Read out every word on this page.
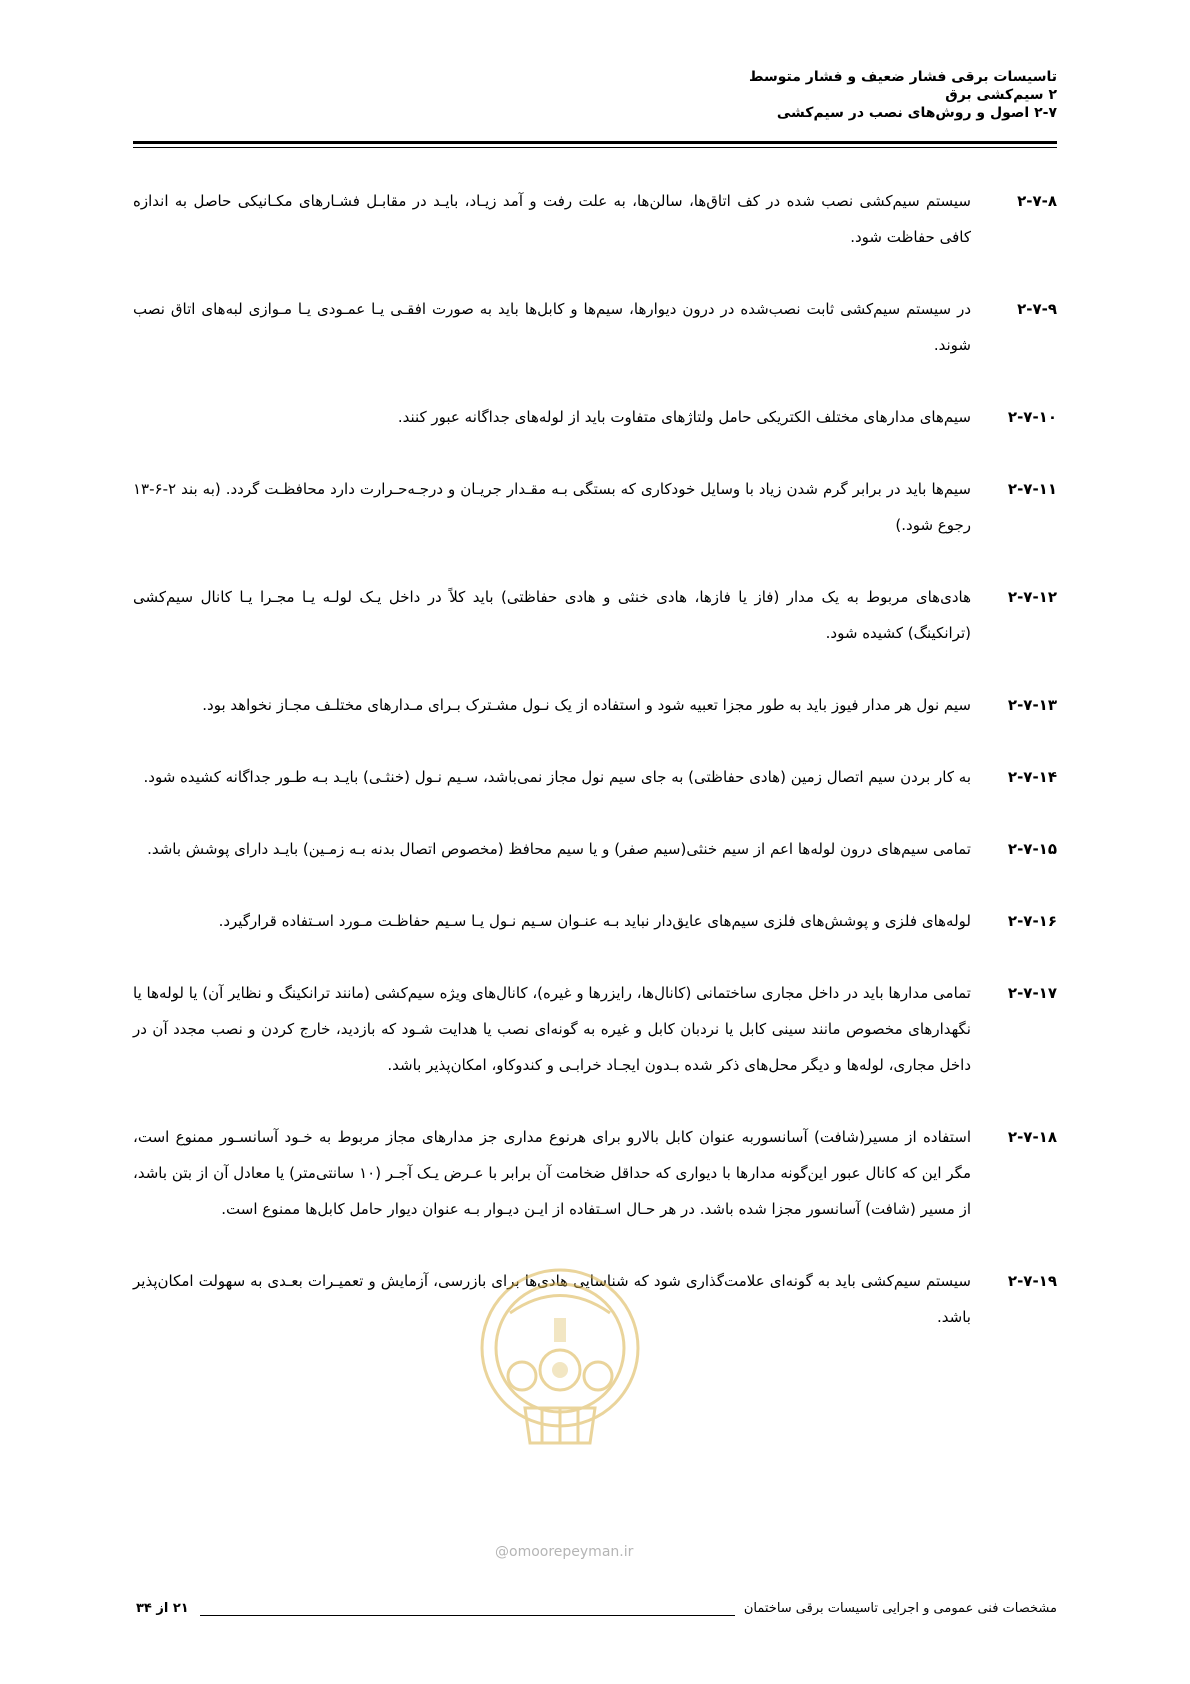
تاسیسات برقی فشار ضعیف و فشار متوسط
۲ سیم‌کشی برق
۲-۷ اصول و روش‌های نصب در سیم‌کشی
۲-۷-۸
سیستم سیم‌کشی نصب شده در کف اتاق‌ها، سالن‌ها، به علت رفت و آمد زیـاد، بایـد در مقابـل فشـارهای مکـانیکی حاصل به اندازه کافی حفاظت شود.
۲-۷-۹
در سیستم سیم‌کشی ثابت نصب‌شده در درون دیوارها، سیم‌ها و کابل‌ها باید به صورت افقـی یـا عمـودی یـا مـوازی لبه‌های اتاق نصب شوند.
۲-۷-۱۰
سیم‌های مدارهای مختلف الکتریکی حامل ولتاژهای متفاوت باید از لوله‌های جداگانه عبور کنند.
۲-۷-۱۱
سیم‌ها باید در برابر گرم شدن زیاد با وسایل خودکاری که بستگی بـه مقـدار جریـان و درجـه‌حـرارت دارد محافظـت گردد. (به بند ۲-۶-۱۳ رجوع شود.)
۲-۷-۱۲
هادی‌های مربوط به یک مدار (فاز یا فازها، هادی خنثی و هادی حفاظتی) باید کلاً در داخل یـک لولـه یـا مجـرا یـا کانال سیم‌کشی (ترانکینگ) کشیده شود.
۲-۷-۱۳
سیم نول هر مدار فیوز باید به طور مجزا تعبیه شود و استفاده از یک نـول مشـترک بـرای مـدارهای مختلـف مجـاز نخواهد بود.
۲-۷-۱۴
به کار بردن سیم اتصال زمین (هادی حفاظتی) به جای سیم نول مجاز نمی‌باشد، سـیم نـول (خنثـی) بایـد بـه طـور جداگانه کشیده شود.
۲-۷-۱۵
تمامی سیم‌های درون لوله‌ها اعم از سیم خنثی(سیم صفر) و یا سیم محافظ (مخصوص اتصال بدنه بـه زمـین) بایـد دارای پوشش باشد.
۲-۷-۱۶
لوله‌های فلزی و پوشش‌های فلزی سیم‌های عایق‌دار نباید بـه عنـوان سـیم نـول یـا سـیم حفاظـت مـورد اسـتفاده قرارگیرد.
۲-۷-۱۷
تمامی مدارها باید در داخل مجاری ساختمانی (کانال‌ها، رایزرها و غیره)، کانال‌های ویژه سیم‌کشی (مانند ترانکینگ و نظایر آن) یا لوله‌ها یا نگهدارهای مخصوص مانند سینی کابل یا نردبان کابل و غیره به گونه‌ای نصب یا هدایت شـود که بازدید، خارج کردن و نصب مجدد آن در داخل مجاری، لوله‌ها و دیگر محل‌های ذکر شده بـدون ایجـاد خرابـی و کندوکاو، امکان‌پذیر باشد.
۲-۷-۱۸
استفاده از مسیر(شافت) آسانسوربه عنوان کابل بالارو برای هرنوع مداری جز مدارهای مجاز مربوط به خـود آسانسـور ممنوع است، مگر این که کانال عبور این‌گونه مدارها با دیواری که حداقل ضخامت آن برابر با عـرض یـک آجـر (۱۰ سانتی‌متر) یا معادل آن از بتن باشد، از مسیر (شافت) آسانسور مجزا شده باشد. در هر حـال اسـتفاده از ایـن دیـوار بـه عنوان دیوار حامل کابل‌ها ممنوع است.
۲-۷-۱۹
سیستم سیم‌کشی باید به گونه‌ای علامت‌گذاری شود که شناسایی هادی‌ها برای بازرسی، آزمایش و تعمیـرات بعـدی به سهولت امکان‌پذیر باشد.
@omoorepeyman.ir
مشخصات فنی عمومی و اجرایی تاسیسات برقی ساختمان
۲۱ از ۳۴
